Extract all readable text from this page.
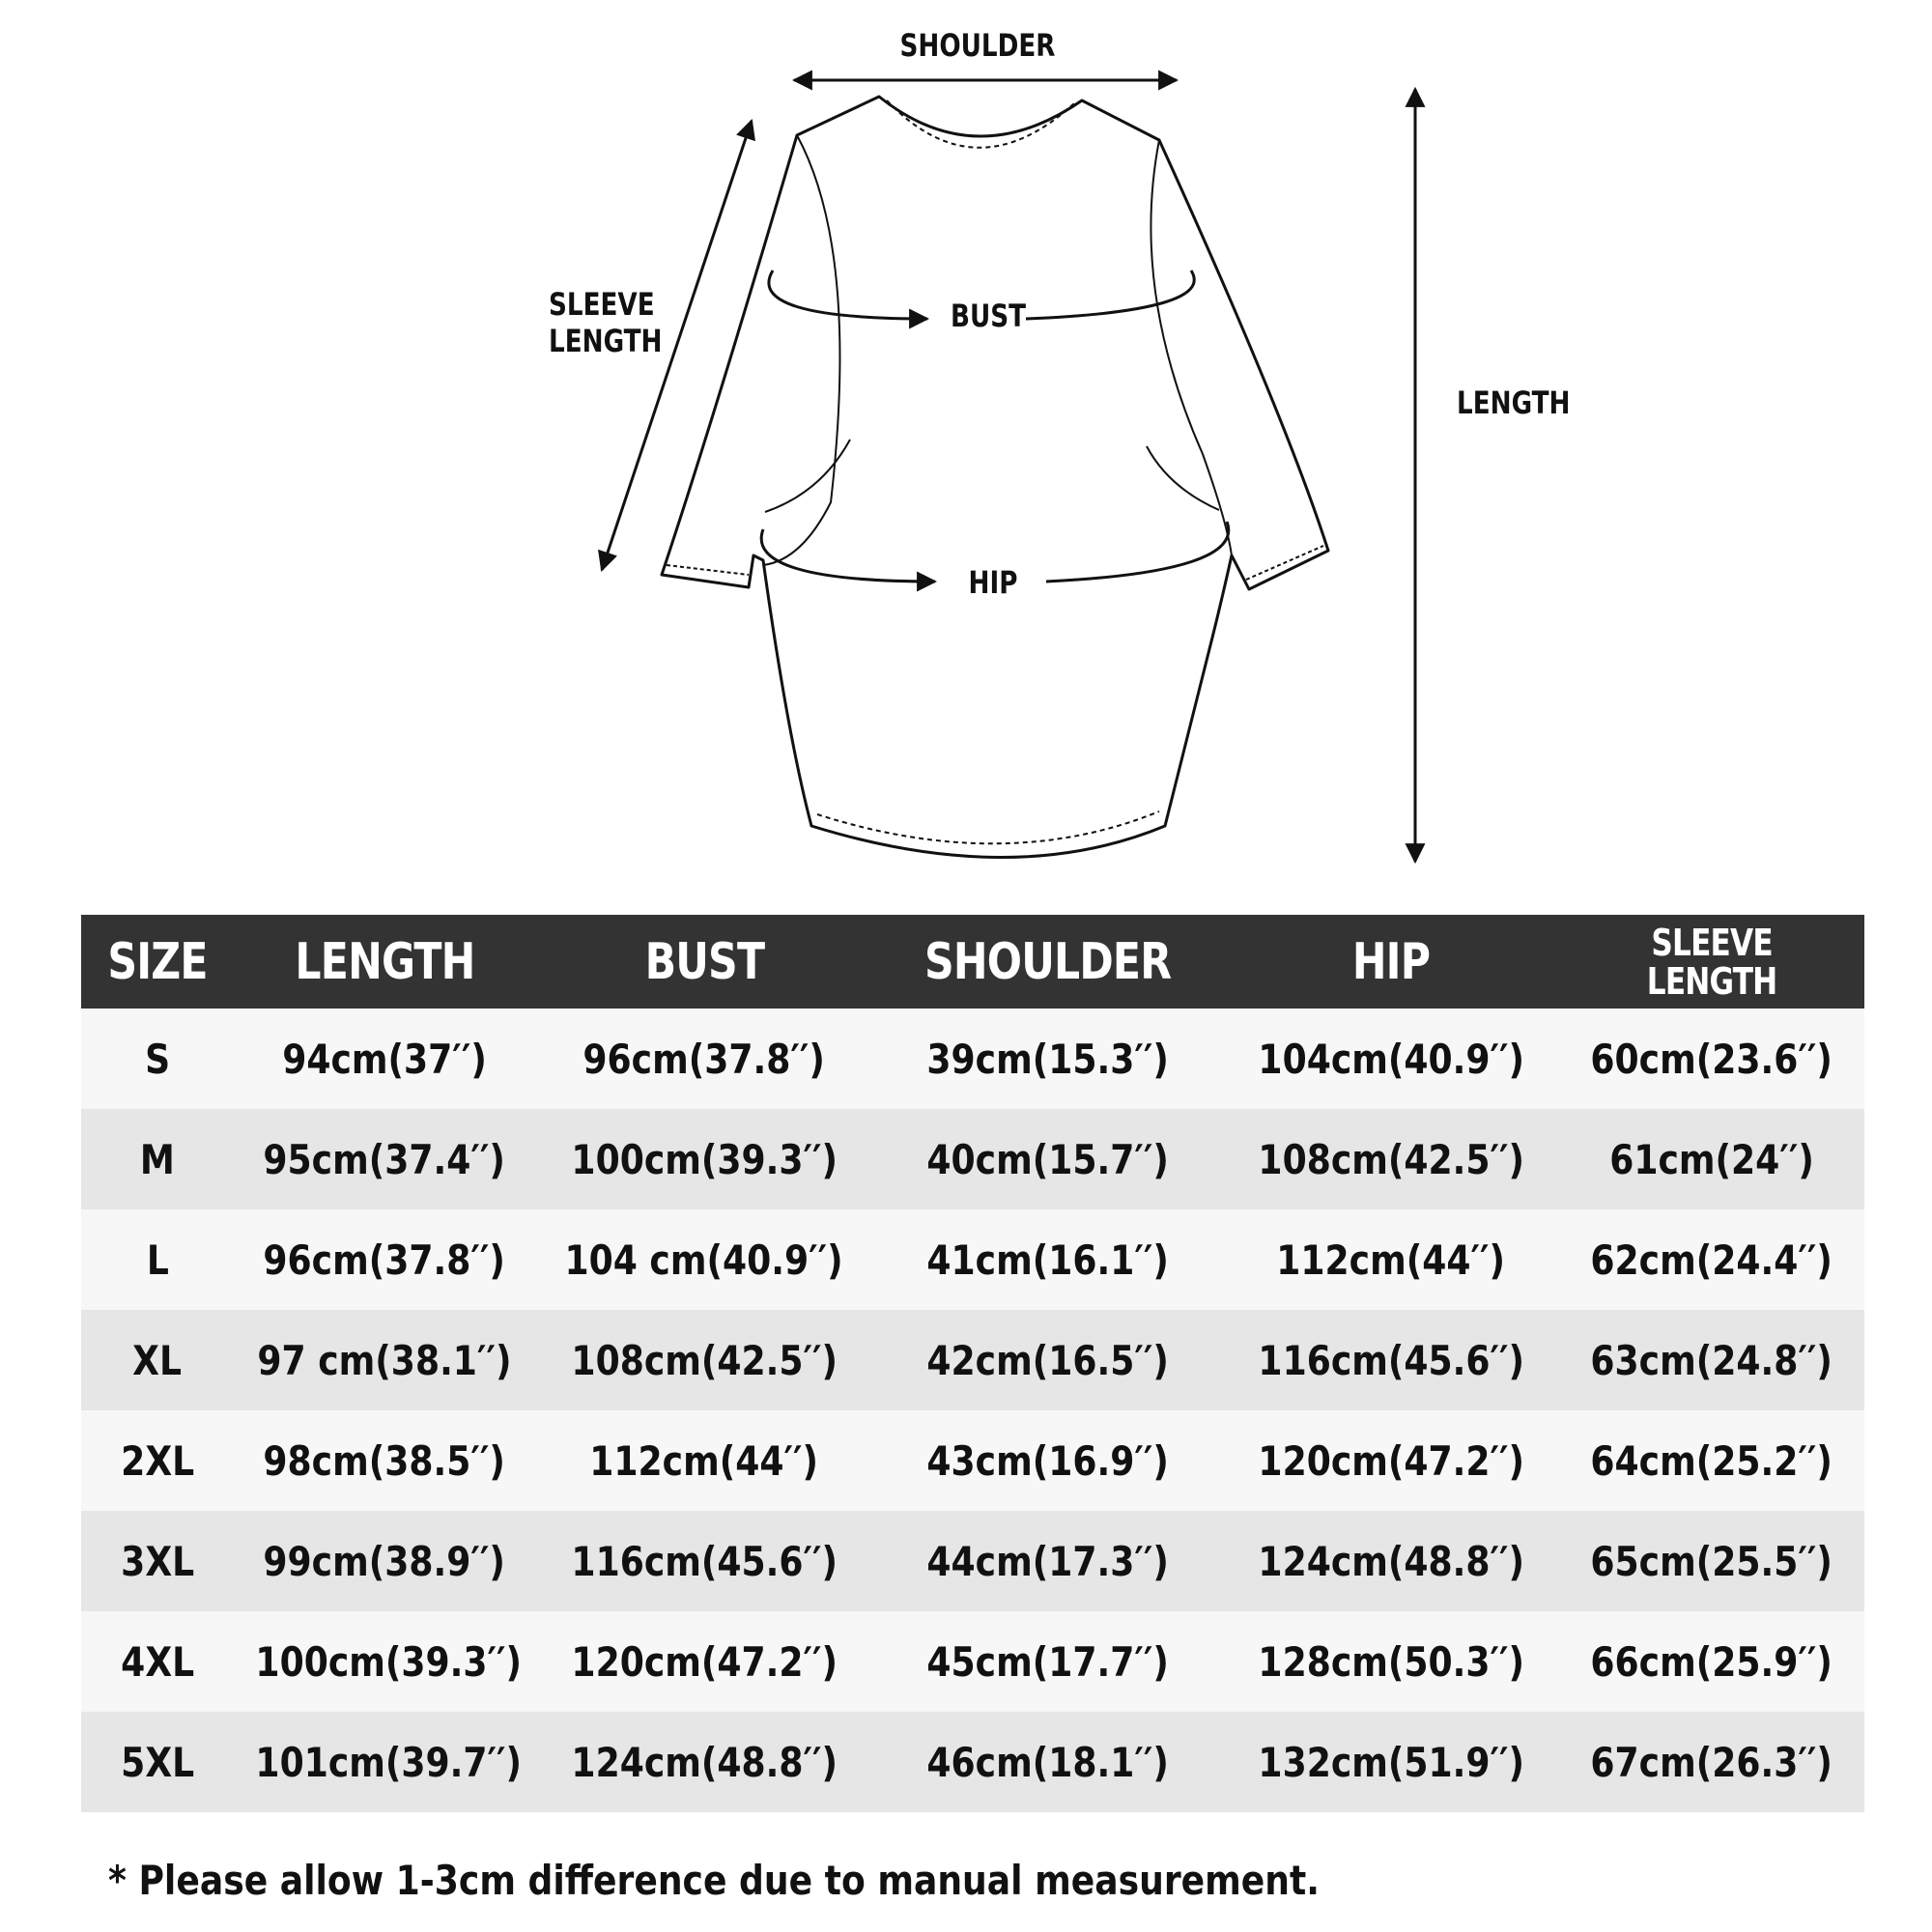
SHOULDER
BUST
HIP
LENGTH
SLEEVE
LENGTH
SIZE	LENGTH	BUST	SHOULDER	HIP	SLEEVE
LENGTH
S	94cm(37′′)	96cm(37.8′′)	39cm(15.3′′)	104cm(40.9′′)	60cm(23.6′′)
M	95cm(37.4′′)	100cm(39.3′′)	40cm(15.7′′)	108cm(42.5′′)	61cm(24′′)
L	96cm(37.8′′)	104 cm(40.9′′)	41cm(16.1′′)	112cm(44′′)	62cm(24.4′′)
XL	97 cm(38.1′′)	108cm(42.5′′)	42cm(16.5′′)	116cm(45.6′′)	63cm(24.8′′)
2XL	98cm(38.5′′)	112cm(44′′)	43cm(16.9′′)	120cm(47.2′′)	64cm(25.2′′)
3XL	99cm(38.9′′)	116cm(45.6′′)	44cm(17.3′′)	124cm(48.8′′)	65cm(25.5′′)
4XL	100cm(39.3′′)	120cm(47.2′′)	45cm(17.7′′)	128cm(50.3′′)	66cm(25.9′′)
5XL	101cm(39.7′′)	124cm(48.8′′)	46cm(18.1′′)	132cm(51.9′′)	67cm(26.3′′)
* Please allow 1-3cm difference due to manual measurement.
